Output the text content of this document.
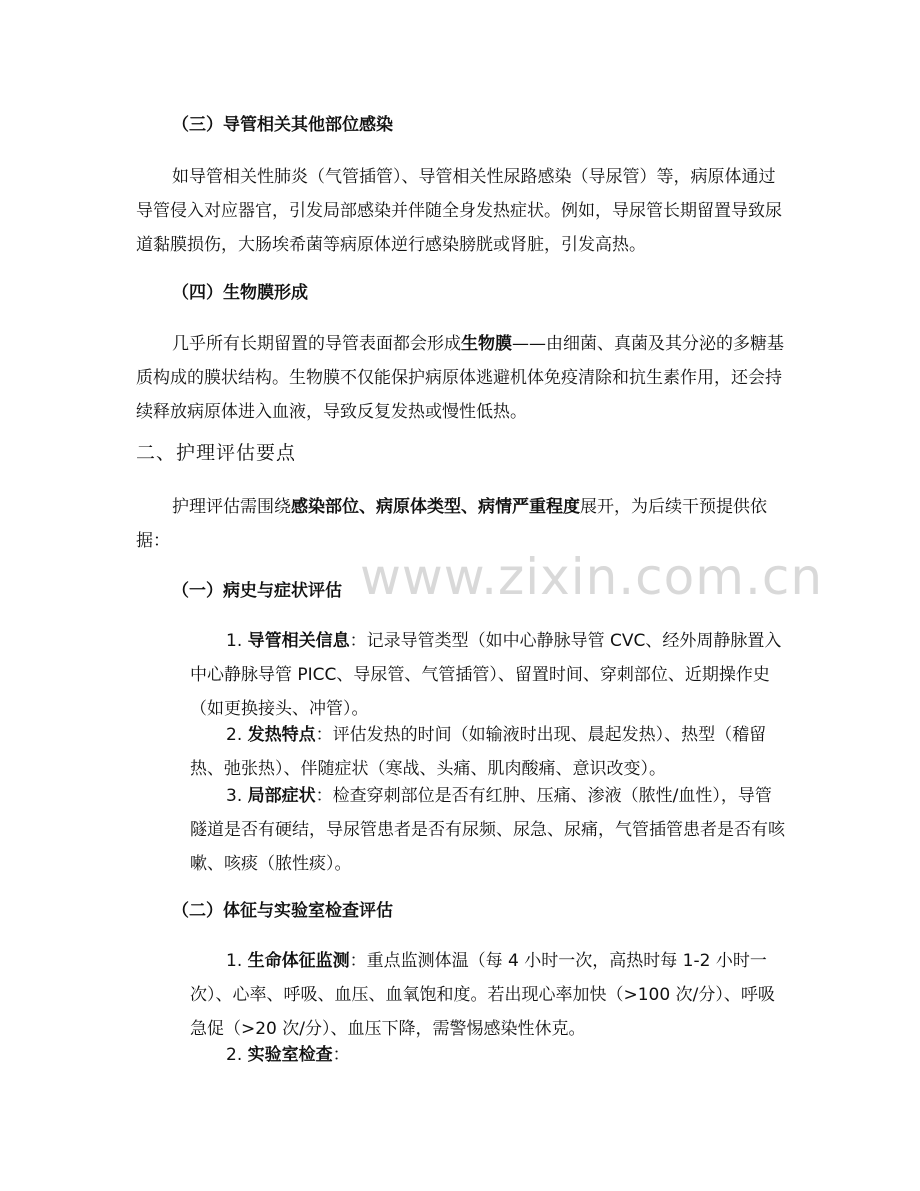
www.zixin.com.cn

（三）导管相关其他部位感染

如导管相关性肺炎（气管插管）、导管相关性尿路感染（导尿管）等，病原体通过导管侵入对应器官，引发局部感染并伴随全身发热症状。例如，导尿管长期留置导致尿道黏膜损伤，大肠埃希菌等病原体逆行感染膀胱或肾脏，引发高热。

（四）生物膜形成

几乎所有长期留置的导管表面都会形成生物膜——由细菌、真菌及其分泌的多糖基质构成的膜状结构。生物膜不仅能保护病原体逃避机体免疫清除和抗生素作用，还会持续释放病原体进入血液，导致反复发热或慢性低热。

二、护理评估要点

护理评估需围绕感染部位、病原体类型、病情严重程度展开，为后续干预提供依据：

（一）病史与症状评估

1. 导管相关信息：记录导管类型（如中心静脉导管 CVC、经外周静脉置入中心静脉导管 PICC、导尿管、气管插管）、留置时间、穿刺部位、近期操作史（如更换接头、冲管）。

2. 发热特点：评估发热的时间（如输液时出现、晨起发热）、热型（稽留热、弛张热）、伴随症状（寒战、头痛、肌肉酸痛、意识改变）。

3. 局部症状：检查穿刺部位是否有红肿、压痛、渗液（脓性/血性），导管隧道是否有硬结，导尿管患者是否有尿频、尿急、尿痛，气管插管患者是否有咳嗽、咳痰（脓性痰）。

（二）体征与实验室检查评估

1. 生命体征监测：重点监测体温（每 4 小时一次，高热时每 1-2 小时一次）、心率、呼吸、血压、血氧饱和度。若出现心率加快（>100 次/分）、呼吸急促（>20 次/分）、血压下降，需警惕感染性休克。

2. 实验室检查：
